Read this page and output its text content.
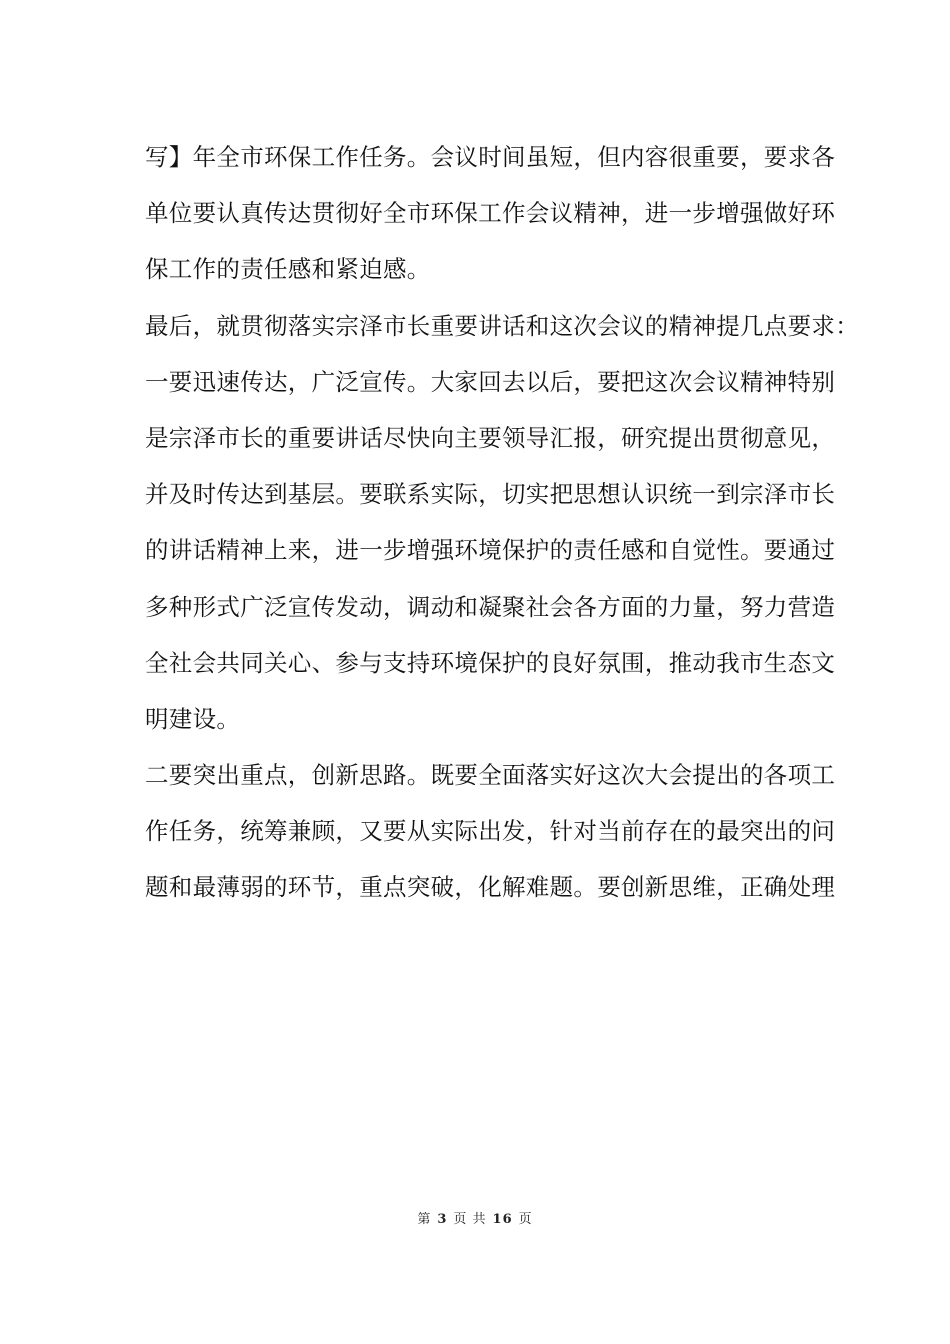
写】年全市环保工作任务。会议时间虽短，但内容很重要，要求各
单位要认真传达贯彻好全市环保工作会议精神，进一步增强做好环
保工作的责任感和紧迫感。
最后，就贯彻落实宗泽市长重要讲话和这次会议的精神提几点要求：
一要迅速传达，广泛宣传。大家回去以后，要把这次会议精神特别
是宗泽市长的重要讲话尽快向主要领导汇报，研究提出贯彻意见，
并及时传达到基层。要联系实际，切实把思想认识统一到宗泽市长
的讲话精神上来，进一步增强环境保护的责任感和自觉性。要通过
多种形式广泛宣传发动，调动和凝聚社会各方面的力量，努力营造
全社会共同关心、参与支持环境保护的良好氛围，推动我市生态文
明建设。
二要突出重点，创新思路。既要全面落实好这次大会提出的各项工
作任务，统筹兼顾，又要从实际出发，针对当前存在的最突出的问
题和最薄弱的环节，重点突破，化解难题。要创新思维，正确处理
第 3 页 共 16 页
